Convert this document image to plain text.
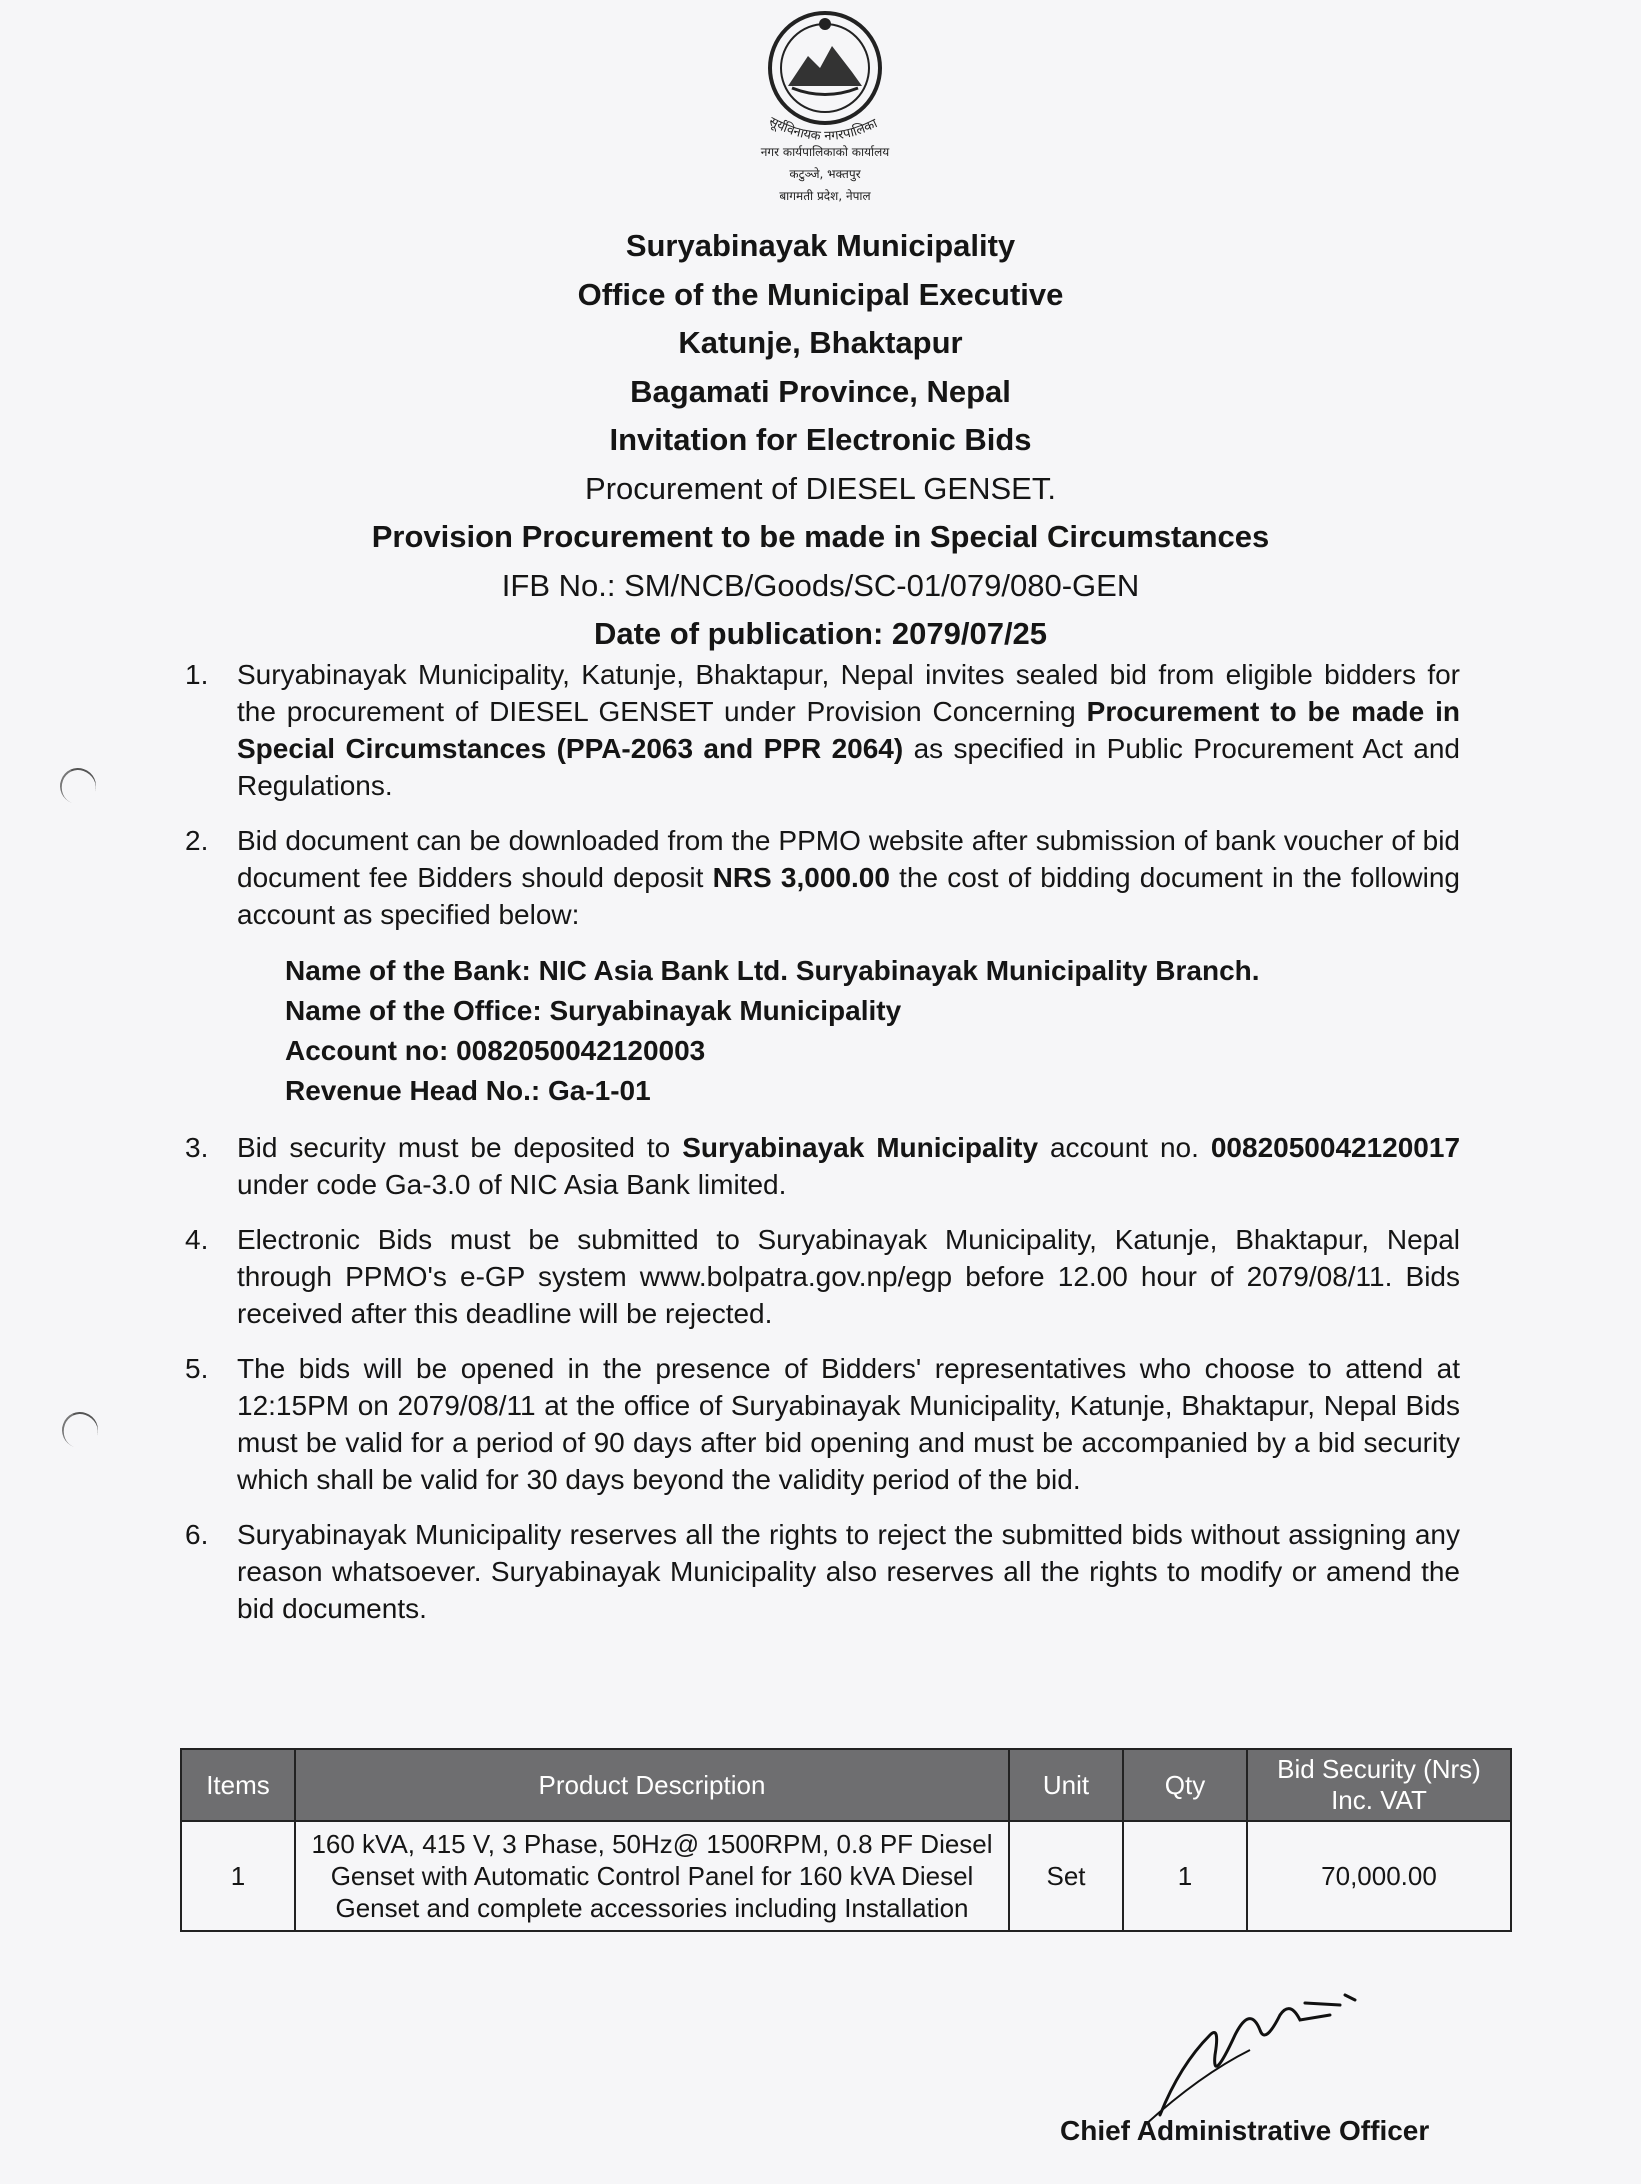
सूर्यविनायक नगरपालिका
नगर कार्यपालिकाको कार्यालय
कटुञ्जे, भक्तपुर
बागमती प्रदेश, नेपाल
Suryabinayak Municipality
Office of the Municipal Executive
Katunje, Bhaktapur
Bagamati Province, Nepal
Invitation for Electronic Bids
Procurement of DIESEL GENSET.
Provision Procurement to be made in Special Circumstances
IFB No.: SM/NCB/Goods/SC-01/079/080-GEN
Date of publication: 2079/07/25
1. Suryabinayak Municipality, Katunje, Bhaktapur, Nepal invites sealed bid from eligible bidders for the procurement of DIESEL GENSET under Provision Concerning Procurement to be made in Special Circumstances (PPA-2063 and PPR 2064) as specified in Public Procurement Act and Regulations.
2. Bid document can be downloaded from the PPMO website after submission of bank voucher of bid document fee Bidders should deposit NRS 3,000.00 the cost of bidding document in the following account as specified below:
Name of the Bank: NIC Asia Bank Ltd. Suryabinayak Municipality Branch.
Name of the Office: Suryabinayak Municipality
Account no: 0082050042120003
Revenue Head No.: Ga-1-01
3. Bid security must be deposited to Suryabinayak Municipality account no. 0082050042120017 under code Ga-3.0 of NIC Asia Bank limited.
4. Electronic Bids must be submitted to Suryabinayak Municipality, Katunje, Bhaktapur, Nepal through PPMO's e-GP system www.bolpatra.gov.np/egp before 12.00 hour of 2079/08/11. Bids received after this deadline will be rejected.
5. The bids will be opened in the presence of Bidders' representatives who choose to attend at 12:15PM on 2079/08/11 at the office of Suryabinayak Municipality, Katunje, Bhaktapur, Nepal Bids must be valid for a period of 90 days after bid opening and must be accompanied by a bid security which shall be valid for 30 days beyond the validity period of the bid.
6. Suryabinayak Municipality reserves all the rights to reject the submitted bids without assigning any reason whatsoever. Suryabinayak Municipality also reserves all the rights to modify or amend the bid documents.
Items	Product Description	Unit	Qty	Bid Security (Nrs) Inc. VAT
1	160 kVA, 415 V, 3 Phase, 50Hz@ 1500RPM, 0.8 PF Diesel Genset with Automatic Control Panel for 160 kVA Diesel Genset and complete accessories including Installation	Set	1	70,000.00
Chief Administrative Officer
